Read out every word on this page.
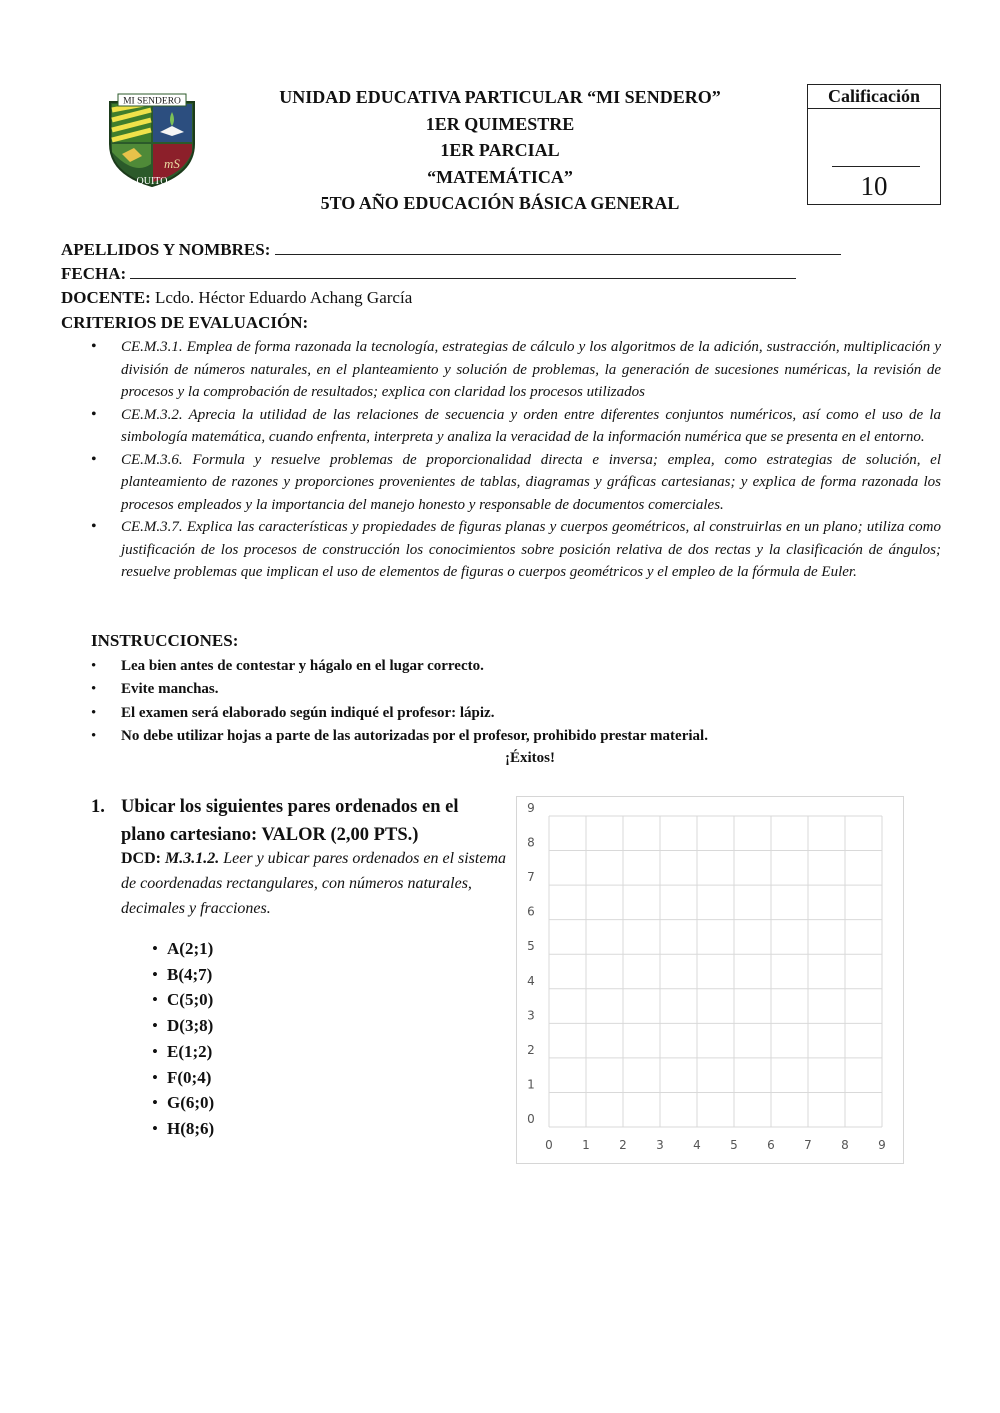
MI SENDERO
mS
QUITO
UNIDAD EDUCATIVA PARTICULAR “MI SENDERO”
1ER QUIMESTRE
1ER PARCIAL
“MATEMÁTICA”
5TO AÑO EDUCACIÓN BÁSICA GENERAL
Calificación
10
APELLIDOS Y NOMBRES:
FECHA:
DOCENTE: Lcdo. Héctor Eduardo Achang García
CRITERIOS DE EVALUACIÓN:
• CE.M.3.1. Emplea de forma razonada la tecnología, estrategias de cálculo y los algoritmos de la adición, sustracción, multiplicación y división de números naturales, en el planteamiento y solución de problemas, la generación de sucesiones numéricas, la revisión de procesos y la comprobación de resultados; explica con claridad los procesos utilizados
• CE.M.3.2. Aprecia la utilidad de las relaciones de secuencia y orden entre diferentes conjuntos numéricos, así como el uso de la simbología matemática, cuando enfrenta, interpreta y analiza la veracidad de la información numérica que se presenta en el entorno.
• CE.M.3.6. Formula y resuelve problemas de proporcionalidad directa e inversa; emplea, como estrategias de solución, el planteamiento de razones y proporciones provenientes de tablas, diagramas y gráficas cartesianas; y explica de forma razonada los procesos empleados y la importancia del manejo honesto y responsable de documentos comerciales.
• CE.M.3.7. Explica las características y propiedades de figuras planas y cuerpos geométricos, al construirlas en un plano; utiliza como justificación de los procesos de construcción los conocimientos sobre posición relativa de dos rectas y la clasificación de ángulos; resuelve problemas que implican el uso de elementos de figuras o cuerpos geométricos y el empleo de la fórmula de Euler.
INSTRUCCIONES:
• Lea bien antes de contestar y hágalo en el lugar correcto.
• Evite manchas.
• El examen será elaborado según indiqué el profesor: lápiz.
• No debe utilizar hojas a parte de las autorizadas por el profesor, prohibido prestar material.
¡Éxitos!
1. Ubicar los siguientes pares ordenados en el plano cartesiano: VALOR (2,00 PTS.)
DCD: M.3.1.2. Leer y ubicar pares ordenados en el sistema de coordenadas rectangulares, con números naturales, decimales y fracciones.
• A(2;1)
• B(4;7)
• C(5;0)
• D(3;8)
• E(1;2)
• F(0;4)
• G(6;0)
• H(8;6)
0 1 2 3 4 5 6 7 8 9
0
1
2
3
4
5
6
7
8
9
